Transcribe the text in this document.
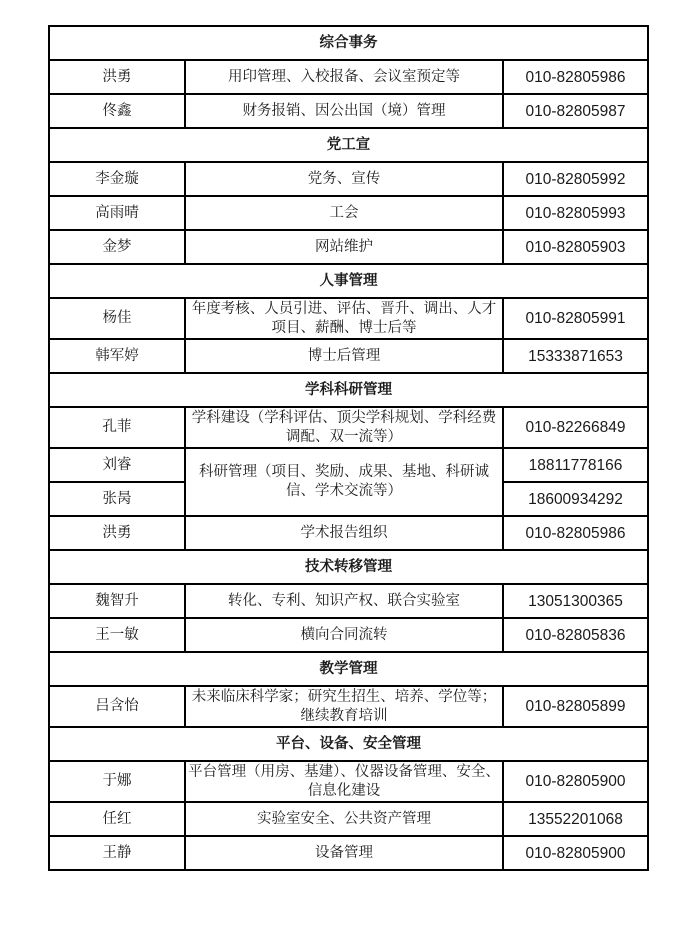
综合事务		
洪勇	用印管理、入校报备、会议室预定等	010-82805986
佟鑫	财务报销、因公出国（境）管理	010-82805987
党工宣		
李金璇	党务、宣传	010-82805992
高雨晴	工会	010-82805993
金梦	网站维护	010-82805903
人事管理		
杨佳	年度考核、人员引进、评估、晋升、调出、人才项目、薪酬、博士后等	010-82805991
韩军婷	博士后管理	15333871653
学科科研管理		
孔菲	学科建设（学科评估、顶尖学科规划、学科经费调配、双一流等）	010-82266849
刘睿	科研管理（项目、奖励、成果、基地、科研诚信、学术交流等）	18811778166
张昺		18600934292
洪勇	学术报告组织	010-82805986
技术转移管理		
魏智升	转化、专利、知识产权、联合实验室	13051300365
王一敏	横向合同流转	010-82805836
教学管理		
吕含怡	未来临床科学家；研究生招生、培养、学位等；继续教育培训	010-82805899
平台、设备、安全管理		
于娜	平台管理（用房、基建）、仪器设备管理、安全、信息化建设	010-82805900
任红	实验室安全、公共资产管理	13552201068
王静	设备管理	010-82805900
